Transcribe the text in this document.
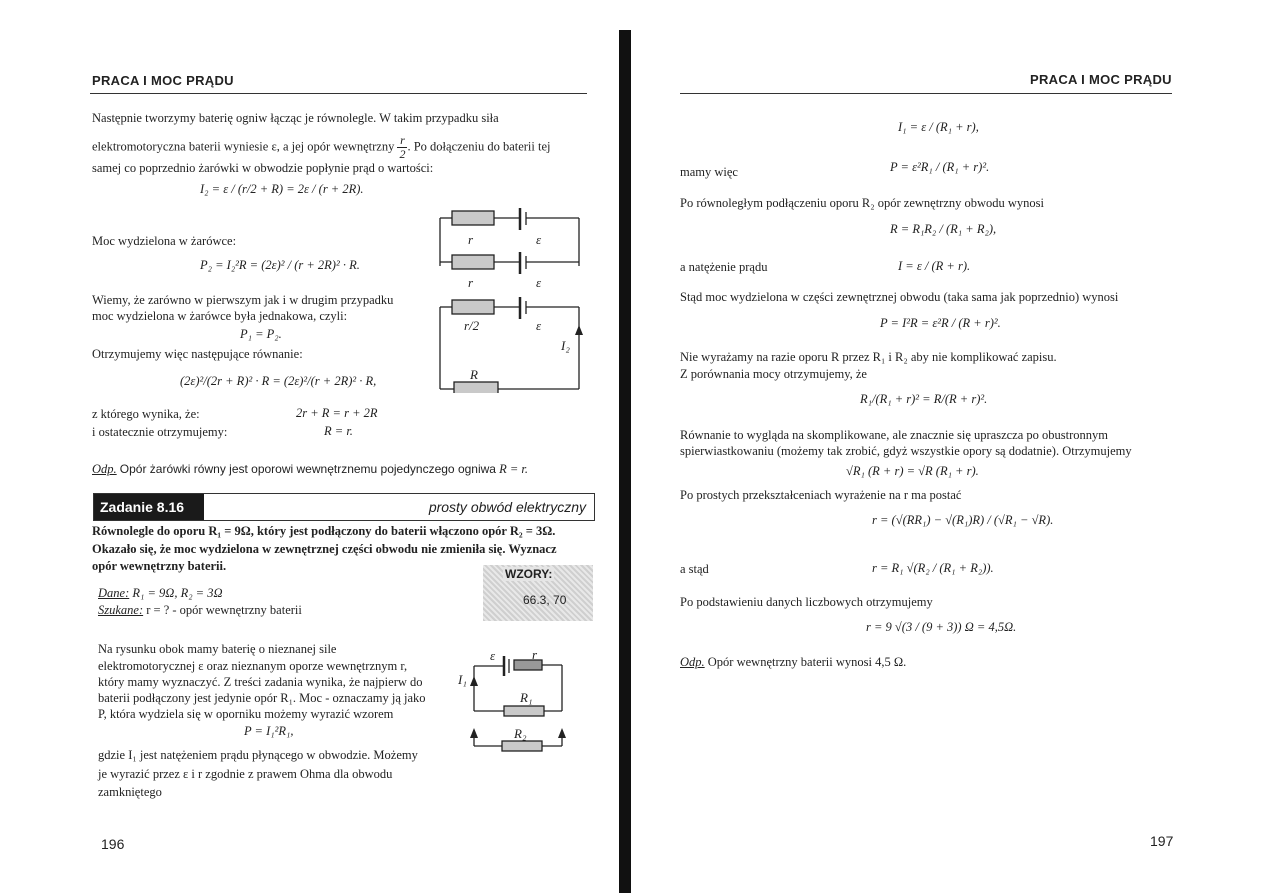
PRACA I MOC PRĄDU
Następnie tworzymy baterię ogniw łącząc je równolegle. W takim przypadku siła
elektromotoryczna baterii wyniesie ε, a jej opór wewnętrzny $\frac{r}{2}$ . Po dołączeniu do baterii tej
samej co poprzednio żarówki w obwodzie popłynie prąd o wartości:
I₂ = ε / (r/2 + R) = 2ε / (r + 2R).
Moc wydzielona w żarówce:
P₂ = I₂²R = (2ε)² / (r + 2R)² · R.
Wiemy, że zarówno w pierwszym jak i w drugim przypadku
moc wydzielona w żarówce była jednakowa, czyli:
P₁ = P₂.
Otrzymujemy więc następujące równanie:
(2ε)²/(2r + R)² · R = (2ε)²/(r + 2R)² · R,
z którego wynika, że:	2r + R = r + 2R
i ostatecznie otrzymujemy:	R = r.
Odp. Opór żarówki równy jest oporowi wewnętrznemu pojedynczego ogniwa R = r.
r	ε
r	ε
r/2	ε
I₂
R
Zadanie 8.16	prosty obwód elektryczny
Równolegle do oporu R₁ = 9Ω, który jest podłączony do baterii włączono opór R₂ = 3Ω.
Okazało się, że moc wydzielona w zewnętrznej części obwodu nie zmieniła się. Wyznacz
opór wewnętrzny baterii.
WZORY:
66.3, 70
Dane: R₁ = 9Ω, R₂ = 3Ω
Szukane: r = ? - opór wewnętrzny baterii
Na rysunku obok mamy baterię o nieznanej sile
elektromotorycznej ε oraz nieznanym oporze wewnętrznym r,
który mamy wyznaczyć. Z treści zadania wynika, że najpierw do
baterii podłączony jest jedynie opór R₁. Moc - oznaczamy ją jako
P, która wydziela się w oporniku możemy wyrazić wzorem
P = I₁²R₁,
gdzie I₁ jest natężeniem prądu płynącego w obwodzie. Możemy
je wyrazić przez ε i r zgodnie z prawem Ohma dla obwodu
zamkniętego
ε	r
I₁
R₁
R₂
196
PRACA I MOC PRĄDU
I₁ = ε / (R₁ + r),
mamy więc	P = ε²R₁ / (R₁ + r)².
Po równoległym podłączeniu oporu R₂ opór zewnętrzny obwodu wynosi
R = R₁R₂ / (R₁ + R₂),
a natężenie prądu	I = ε / (R + r).
Stąd moc wydzielona w części zewnętrznej obwodu (taka sama jak poprzednio) wynosi
P = I²R = ε²R / (R + r)².
Nie wyrażamy na razie oporu R przez R₁ i R₂ aby nie komplikować zapisu.
Z porównania mocy otrzymujemy, że
R₁/(R₁ + r)² = R/(R + r)².
Równanie to wygląda na skomplikowane, ale znacznie się upraszcza po obustronnym
spierwiastkowaniu (możemy tak zrobić, gdyż wszystkie opory są dodatnie). Otrzymujemy
√R₁ (R + r) = √R (R₁ + r).
Po prostych przekształceniach wyrażenie na r ma postać
r = (√(RR₁) − √(R₁)R) / (√R₁ − √R).
a stąd	r = R₁ √(R₂ / (R₁ + R₂)).
Po podstawieniu danych liczbowych otrzymujemy
r = 9 √(3 / (9 + 3)) Ω = 4,5Ω.
Odp. Opór wewnętrzny baterii wynosi 4,5 Ω.
197
